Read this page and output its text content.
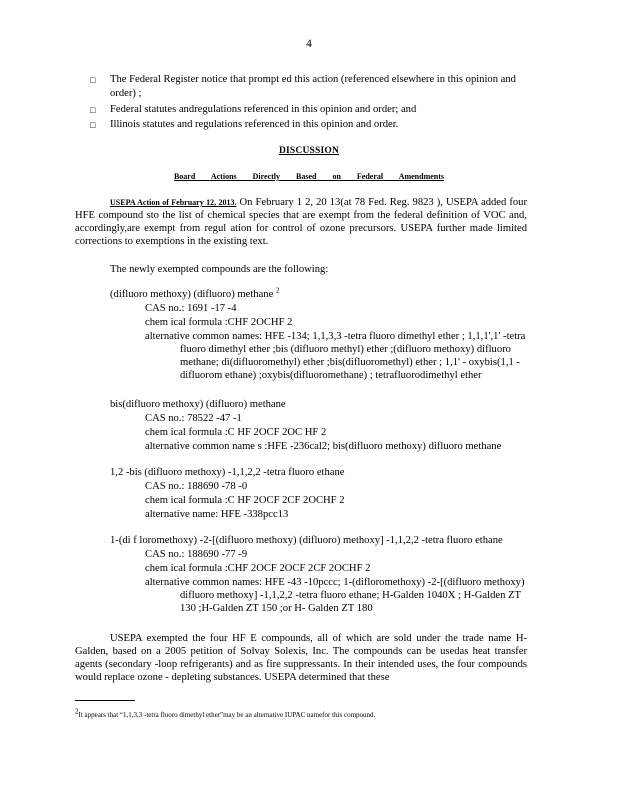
4
□	The Federal Register notice that prompt ed this action (referenced elsewhere in this opinion and order) ;
□	Federal statutes andregulations referenced in this opinion and order; and
□	Illinois statutes and regulations referenced in this opinion and order.
DISCUSSION
Board Actions Directly Based on Federal Amendments
USEPA Action of February 12, 2013. On February 1 2, 20 13(at 78 Fed. Reg. 9823 ), USEPA added four HFE compound sto the list of chemical species that are exempt from the federal definition of VOC and, accordingly,are exempt from regul ation for control of ozone precursors. USEPA further made limited corrections to exemptions in the existing text.
The newly exempted compounds are the following:
(difluoro methoxy) (difluoro) methane $^2$
CAS no.: 1691 -17 -4
chem ical formula :CHF 2OCHF 2
alternative common names: HFE -134; 1,1,3,3 -tetra fluoro dimethyl ether ; 1,1,1',1' -tetra fluoro dimethyl ether ;bis (difluoro methyl) ether ;(difluoro methoxy) difluoro methane; di(difluoromethyl) ether ;bis(difluoromethyl) ether ; 1,1' - oxybis(1,1 -difluorom ethane) ;oxybis(difluoromethane) ; tetrafluorodimethyl ether
bis(difluoro methoxy) (difluoro) methane
CAS no.: 78522 -47 -1
chem ical formula :C HF 2OCF 2OC HF 2
alternative common name s :HFE -236cal2; bis(difluoro methoxy) difluoro methane
1,2 -bis (difluoro methoxy) -1,1,2,2 -tetra fluoro ethane
CAS no.: 188690 -78 -0
chem ical formula :C HF 2OCF 2CF 2OCHF 2
alternative name: HFE -338pcc13
1-(di f loromethoxy) -2-[(difluoro methoxy) (difluoro) methoxy] -1,1,2,2 -tetra fluoro ethane
CAS no.: 188690 -77 -9
chem ical formula :CHF 2OCF 2OCF 2CF 2OCHF 2
alternative common names: HFE -43 -10pccc; 1-(difloromethoxy) -2-[(difluoro methoxy) difluoro methoxy] -1,1,2,2 -tetra fluoro ethane; H-Galden 1040X ; H-Galden ZT 130 ;H-Galden ZT 150 ;or H- Galden ZT 180
USEPA exempted the four HF E compounds, all of which are sold under the trade name H-Galden, based on a 2005 petition of Solvay Solexis, Inc. The compounds can be usedas heat transfer agents (secondary -loop refrigerants) and as fire suppressants. In their intended uses, the four compounds would replace ozone - depleting substances. USEPA determined that these
$^2$It appears that “1,1,3,3 -tetra fluoro dimethyl ether”may be an alternative IUPAC namefor this compound.
